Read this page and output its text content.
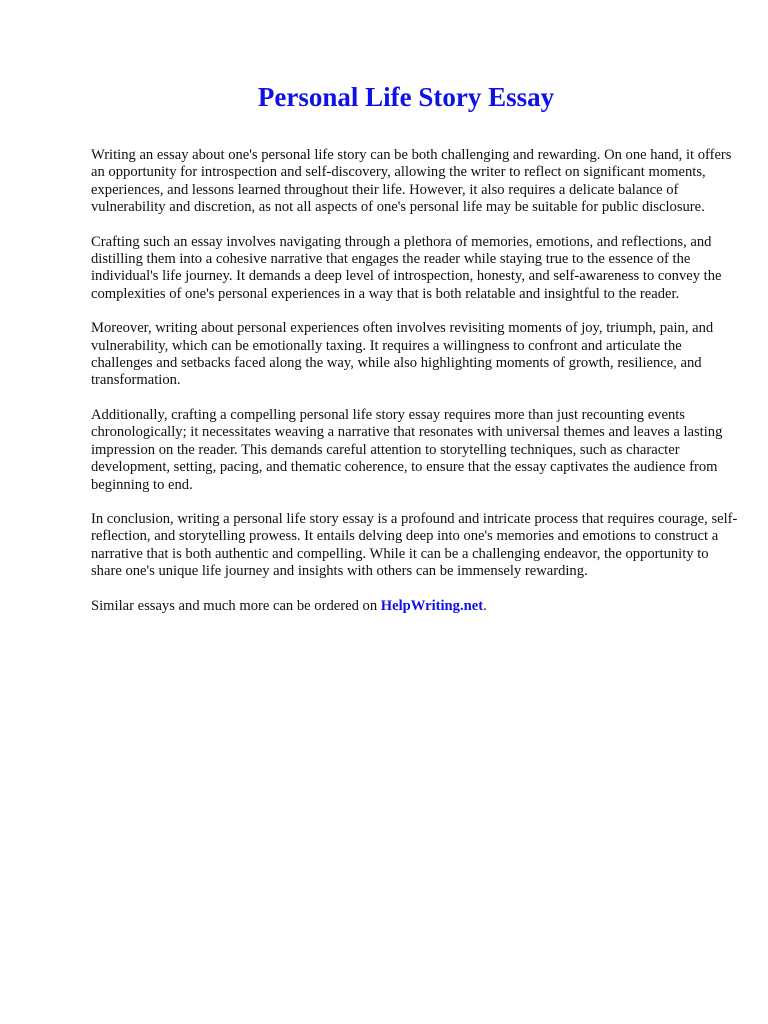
Personal Life Story Essay

Writing an essay about one's personal life story can be both challenging and rewarding. On one hand, it offers an opportunity for introspection and self-discovery, allowing the writer to reflect on significant moments, experiences, and lessons learned throughout their life. However, it also requires a delicate balance of vulnerability and discretion, as not all aspects of one's personal life may be suitable for public disclosure.

Crafting such an essay involves navigating through a plethora of memories, emotions, and reflections, and distilling them into a cohesive narrative that engages the reader while staying true to the essence of the individual's life journey. It demands a deep level of introspection, honesty, and self-awareness to convey the complexities of one's personal experiences in a way that is both relatable and insightful to the reader.

Moreover, writing about personal experiences often involves revisiting moments of joy, triumph, pain, and vulnerability, which can be emotionally taxing. It requires a willingness to confront and articulate the challenges and setbacks faced along the way, while also highlighting moments of growth, resilience, and transformation.

Additionally, crafting a compelling personal life story essay requires more than just recounting events chronologically; it necessitates weaving a narrative that resonates with universal themes and leaves a lasting impression on the reader. This demands careful attention to storytelling techniques, such as character development, setting, pacing, and thematic coherence, to ensure that the essay captivates the audience from beginning to end.

In conclusion, writing a personal life story essay is a profound and intricate process that requires courage, self-reflection, and storytelling prowess. It entails delving deep into one's memories and emotions to construct a narrative that is both authentic and compelling. While it can be a challenging endeavor, the opportunity to share one's unique life journey and insights with others can be immensely rewarding.

Similar essays and much more can be ordered on HelpWriting.net.
